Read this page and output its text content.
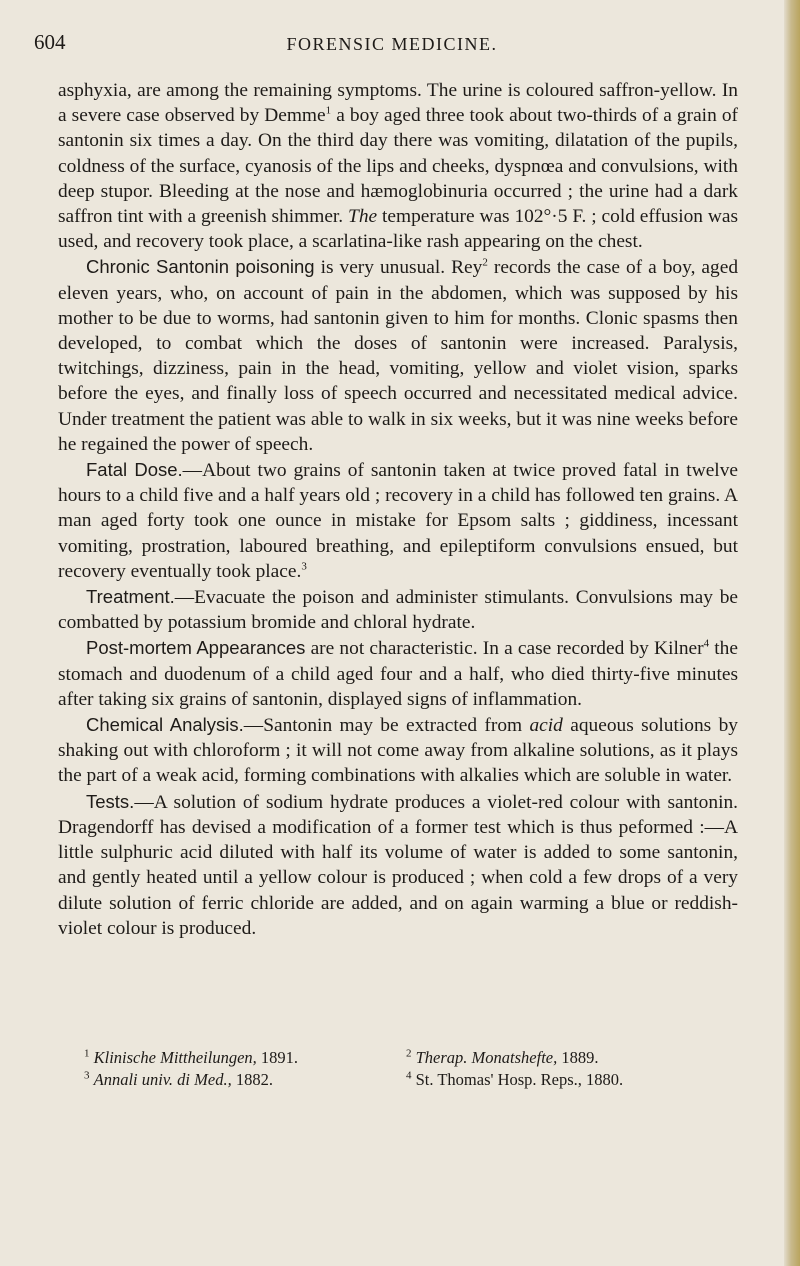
604	FORENSIC MEDICINE.

asphyxia, are among the remaining symptoms. The urine is coloured saffron-yellow. In a severe case observed by Demme$^1$ a boy aged three took about two-thirds of a grain of santonin six times a day. On the third day there was vomiting, dilatation of the pupils, coldness of the surface, cyanosis of the lips and cheeks, dyspnœa and convulsions, with deep stupor. Bleeding at the nose and hæmoglobinuria occurred ; the urine had a dark saffron tint with a greenish shimmer. The temperature was 102°·5 F. ; cold effusion was used, and recovery took place, a scarlatina-like rash appearing on the chest.

Chronic Santonin poisoning is very unusual. Rey$^2$ records the case of a boy, aged eleven years, who, on account of pain in the abdomen, which was supposed by his mother to be due to worms, had santonin given to him for months. Clonic spasms then developed, to combat which the doses of santonin were increased. Paralysis, twitchings, dizziness, pain in the head, vomiting, yellow and violet vision, sparks before the eyes, and finally loss of speech occurred and necessitated medical advice. Under treatment the patient was able to walk in six weeks, but it was nine weeks before he regained the power of speech.

Fatal Dose.—About two grains of santonin taken at twice proved fatal in twelve hours to a child five and a half years old ; recovery in a child has followed ten grains. A man aged forty took one ounce in mistake for Epsom salts ; giddiness, incessant vomiting, prostration, laboured breathing, and epileptiform convulsions ensued, but recovery eventually took place.$^3$

Treatment.—Evacuate the poison and administer stimulants. Convulsions may be combatted by potassium bromide and chloral hydrate.

Post-mortem Appearances are not characteristic. In a case recorded by Kilner$^4$ the stomach and duodenum of a child aged four and a half, who died thirty-five minutes after taking six grains of santonin, displayed signs of inflammation.

Chemical Analysis.—Santonin may be extracted from acid aqueous solutions by shaking out with chloroform ; it will not come away from alkaline solutions, as it plays the part of a weak acid, forming combinations with alkalies which are soluble in water.

Tests.—A solution of sodium hydrate produces a violet-red colour with santonin. Dragendorff has devised a modification of a former test which is thus peformed :—A little sulphuric acid diluted with half its volume of water is added to some santonin, and gently heated until a yellow colour is produced ; when cold a few drops of a very dilute solution of ferric chloride are added, and on again warming a blue or reddish-violet colour is produced.

$^1$ Klinische Mittheilungen, 1891.	$^2$ Therap. Monatshefte, 1889.
$^3$ Annali univ. di Med., 1882.	$^4$ St. Thomas' Hosp. Reps., 1880.
